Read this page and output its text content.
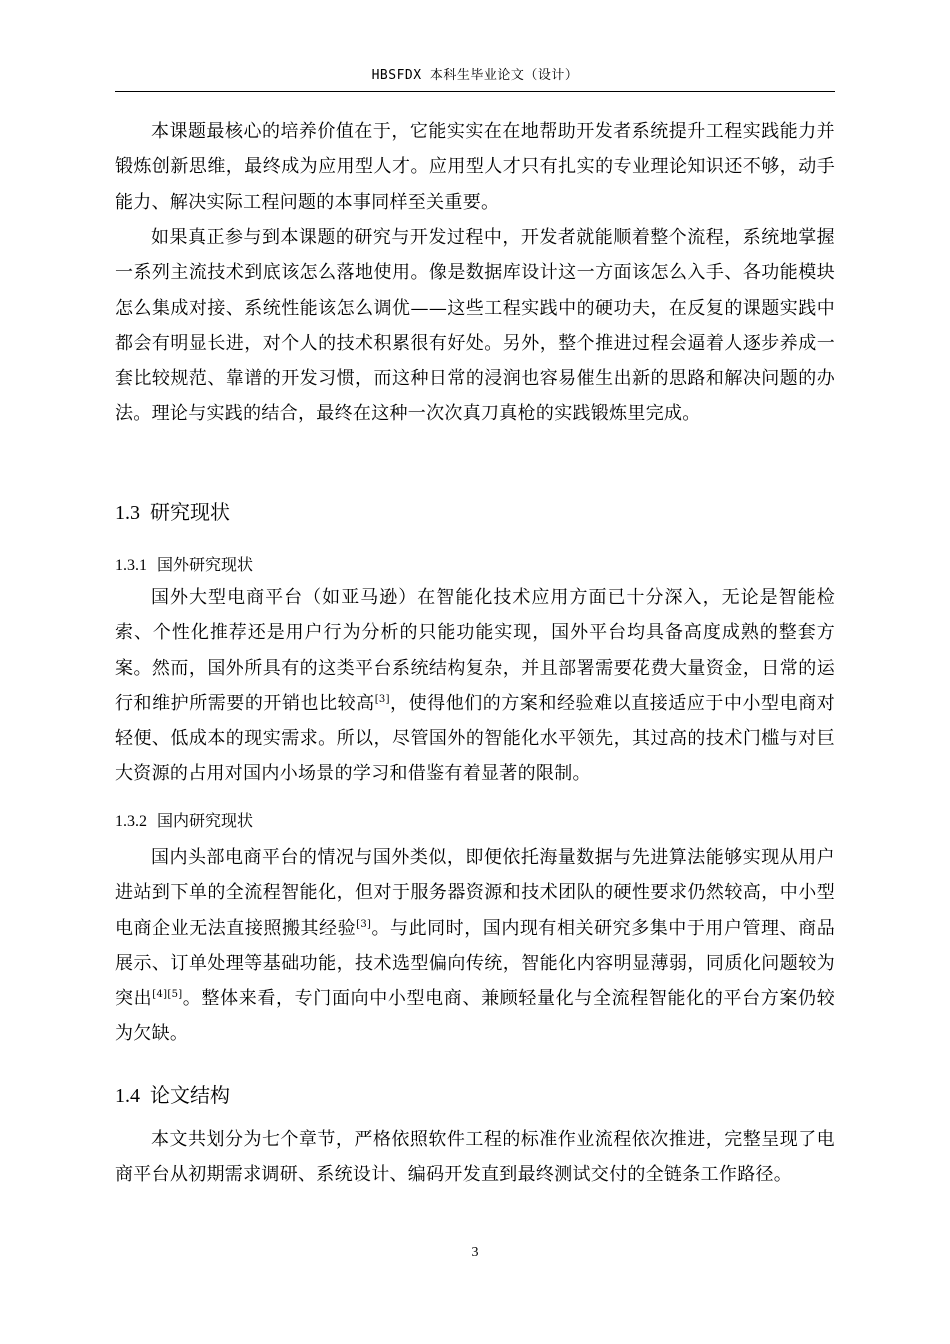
HBSFDX 本科生毕业论文（设计）

本课题最核心的培养价值在于，它能实实在在地帮助开发者系统提升工程实践能力并锻炼创新思维，最终成为应用型人才。应用型人才只有扎实的专业理论知识还不够，动手能力、解决实际工程问题的本事同样至关重要。

如果真正参与到本课题的研究与开发过程中，开发者就能顺着整个流程，系统地掌握一系列主流技术到底该怎么落地使用。像是数据库设计这一方面该怎么入手、各功能模块怎么集成对接、系统性能该怎么调优——这些工程实践中的硬功夫，在反复的课题实践中都会有明显长进，对个人的技术积累很有好处。另外，整个推进过程会逼着人逐步养成一套比较规范、靠谱的开发习惯，而这种日常的浸润也容易催生出新的思路和解决问题的办法。理论与实践的结合，最终在这种一次次真刀真枪的实践锻炼里完成。

1.3 研究现状
1.3.1 国外研究现状

国外大型电商平台（如亚马逊）在智能化技术应用方面已十分深入，无论是智能检索、个性化推荐还是用户行为分析的只能功能实现，国外平台均具备高度成熟的整套方案。然而，国外所具有的这类平台系统结构复杂，并且部署需要花费大量资金，日常的运行和维护所需要的开销也比较高[3]，使得他们的方案和经验难以直接适应于中小型电商对轻便、低成本的现实需求。所以，尽管国外的智能化水平领先，其过高的技术门槛与对巨大资源的占用对国内小场景的学习和借鉴有着显著的限制。

1.3.2 国内研究现状

国内头部电商平台的情况与国外类似，即便依托海量数据与先进算法能够实现从用户进站到下单的全流程智能化，但对于服务器资源和技术团队的硬性要求仍然较高，中小型电商企业无法直接照搬其经验[3]。与此同时，国内现有相关研究多集中于用户管理、商品展示、订单处理等基础功能，技术选型偏向传统，智能化内容明显薄弱，同质化问题较为突出[4][5]。整体来看，专门面向中小型电商、兼顾轻量化与全流程智能化的平台方案仍较为欠缺。

1.4 论文结构

本文共划分为七个章节，严格依照软件工程的标准作业流程依次推进，完整呈现了电商平台从初期需求调研、系统设计、编码开发直到最终测试交付的全链条工作路径。

3
